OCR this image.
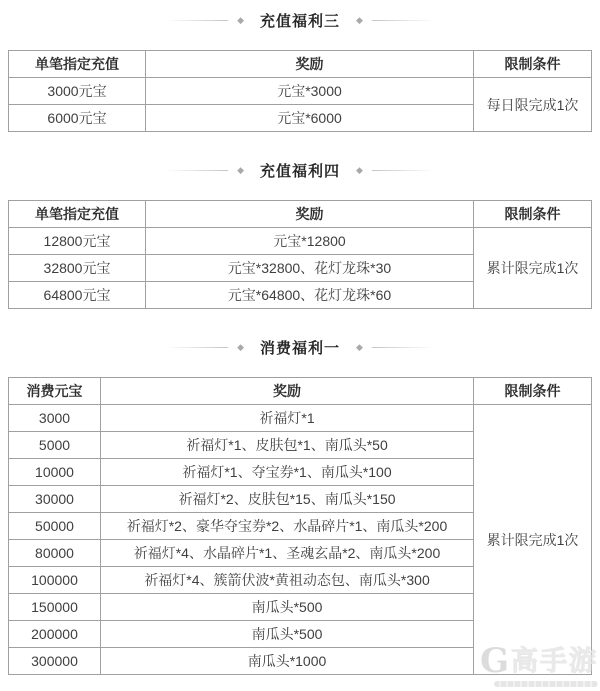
◆ 充值福利三 ◆
单笔指定充值	奖励	限制条件
3000元宝	元宝*3000	每日限完成1次
6000元宝	元宝*6000	
◆ 充值福利四 ◆
单笔指定充值	奖励	限制条件
12800元宝	元宝*12800	累计限完成1次
32800元宝	元宝*32800、花灯龙珠*30	
64800元宝	元宝*64800、花灯龙珠*60	
◆ 消费福利一 ◆
消费元宝	奖励	限制条件
3000	祈福灯*1	累计限完成1次
5000	祈福灯*1、皮肤包*1、南瓜头*50	
10000	祈福灯*1、夺宝券*1、南瓜头*100	
30000	祈福灯*2、皮肤包*15、南瓜头*150	
50000	祈福灯*2、豪华夺宝券*2、水晶碎片*1、南瓜头*200	
80000	祈福灯*4、水晶碎片*1、圣魂玄晶*2、南瓜头*200	
100000	祈福灯*4、簇箭伏波*黄祖动态包、南瓜头*300	
150000	南瓜头*500	
200000	南瓜头*500	
300000	南瓜头*1000		G 高手游
